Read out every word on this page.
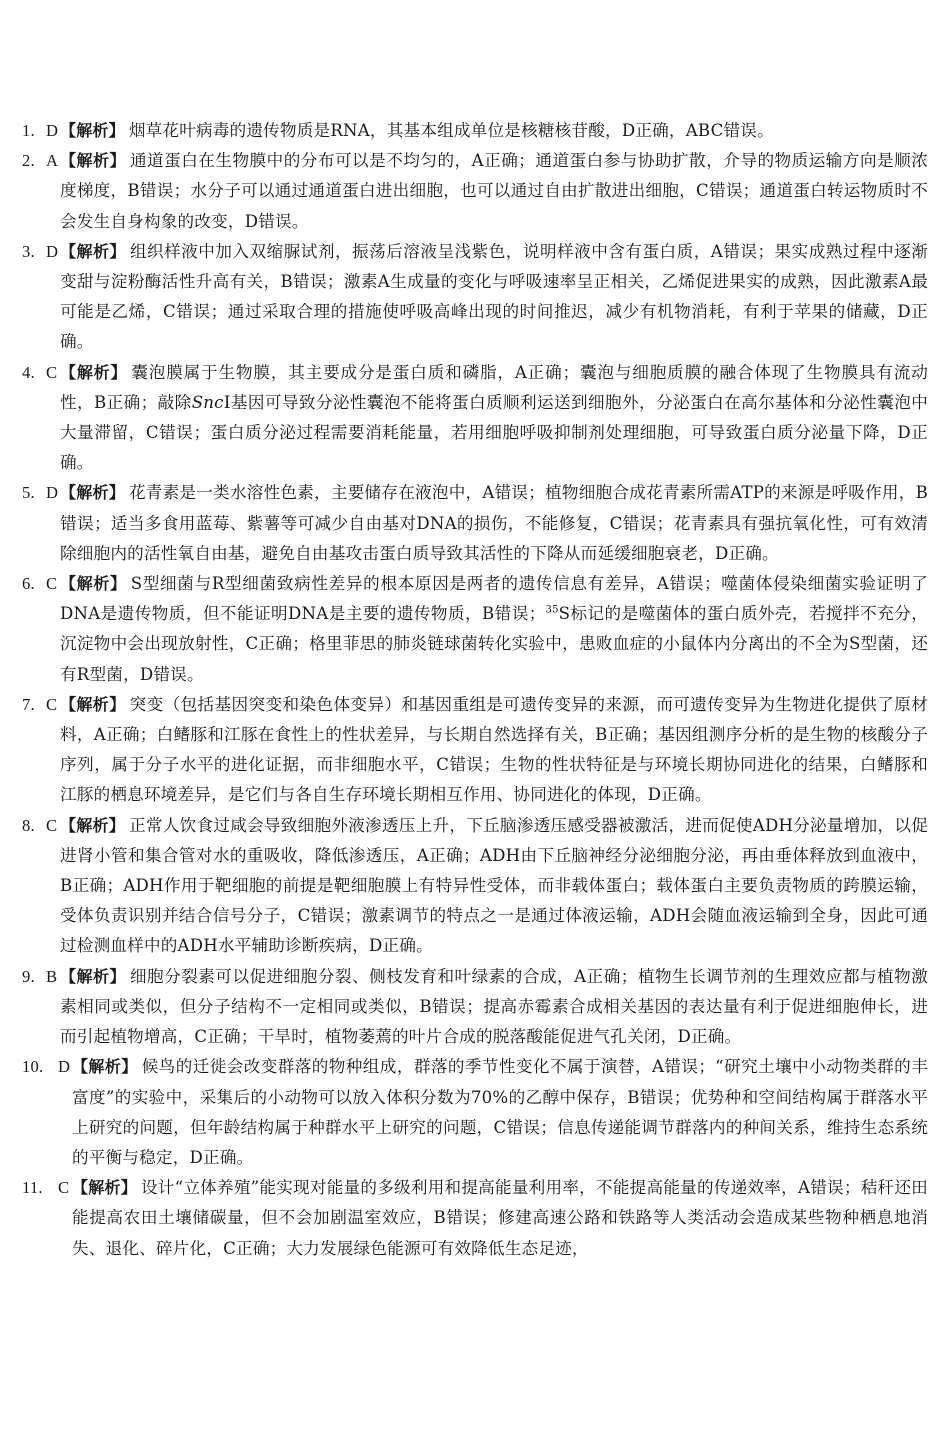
1. D 【解析】 烟草花叶病毒的遗传物质是RNA，其基本组成单位是核糖核苷酸，D正确，ABC错误。

2. A 【解析】 通道蛋白在生物膜中的分布可以是不均匀的，A正确；通道蛋白参与协助扩散，介导的物质运输方向是顺浓度梯度，B错误；水分子可以通过通道蛋白进出细胞，也可以通过自由扩散进出细胞，C错误；通道蛋白转运物质时不会发生自身构象的改变，D错误。

3. D 【解析】 组织样液中加入双缩脲试剂，振荡后溶液呈浅紫色，说明样液中含有蛋白质，A错误；果实成熟过程中逐渐变甜与淀粉酶活性升高有关，B错误；激素A生成量的变化与呼吸速率呈正相关，乙烯促进果实的成熟，因此激素A最可能是乙烯，C错误；通过采取合理的措施使呼吸高峰出现的时间推迟，减少有机物消耗，有利于苹果的储藏，D正确。

4. C 【解析】 囊泡膜属于生物膜，其主要成分是蛋白质和磷脂，A正确；囊泡与细胞质膜的融合体现了生物膜具有流动性，B正确；敲除SncⅠ基因可导致分泌性囊泡不能将蛋白质顺利运送到细胞外，分泌蛋白在高尔基体和分泌性囊泡中大量滞留，C错误；蛋白质分泌过程需要消耗能量，若用细胞呼吸抑制剂处理细胞，可导致蛋白质分泌量下降，D正确。

5. D 【解析】 花青素是一类水溶性色素，主要储存在液泡中，A错误；植物细胞合成花青素所需ATP的来源是呼吸作用，B错误；适当多食用蓝莓、紫薯等可减少自由基对DNA的损伤，不能修复，C错误；花青素具有强抗氧化性，可有效清除细胞内的活性氧自由基，避免自由基攻击蛋白质导致其活性的下降从而延缓细胞衰老，D正确。

6. C 【解析】 S型细菌与R型细菌致病性差异的根本原因是两者的遗传信息有差异，A错误；噬菌体侵染细菌实验证明了DNA是遗传物质，但不能证明DNA是主要的遗传物质，B错误；$^{35}$S标记的是噬菌体的蛋白质外壳，若搅拌不充分，沉淀物中会出现放射性，C正确；格里菲思的肺炎链球菌转化实验中，患败血症的小鼠体内分离出的不全为S型菌，还有R型菌，D错误。

7. C 【解析】 突变（包括基因突变和染色体变异）和基因重组是可遗传变异的来源，而可遗传变异为生物进化提供了原材料，A正确；白鳍豚和江豚在食性上的性状差异，与长期自然选择有关，B正确；基因组测序分析的是生物的核酸分子序列，属于分子水平的进化证据，而非细胞水平，C错误；生物的性状特征是与环境长期协同进化的结果，白鳍豚和江豚的栖息环境差异，是它们与各自生存环境长期相互作用、协同进化的体现，D正确。

8. C 【解析】 正常人饮食过咸会导致细胞外液渗透压上升，下丘脑渗透压感受器被激活，进而促使ADH分泌量增加，以促进肾小管和集合管对水的重吸收，降低渗透压，A正确；ADH由下丘脑神经分泌细胞分泌，再由垂体释放到血液中，B正确；ADH作用于靶细胞的前提是靶细胞膜上有特异性受体，而非载体蛋白；载体蛋白主要负责物质的跨膜运输，受体负责识别并结合信号分子，C错误；激素调节的特点之一是通过体液运输，ADH会随血液运输到全身，因此可通过检测血样中的ADH水平辅助诊断疾病，D正确。

9. B 【解析】 细胞分裂素可以促进细胞分裂、侧枝发育和叶绿素的合成，A正确；植物生长调节剂的生理效应都与植物激素相同或类似，但分子结构不一定相同或类似，B错误；提高赤霉素合成相关基因的表达量有利于促进细胞伸长，进而引起植物增高，C正确；干旱时，植物萎蔫的叶片合成的脱落酸能促进气孔关闭，D正确。

10. D 【解析】 候鸟的迁徙会改变群落的物种组成，群落的季节性变化不属于演替，A错误；“研究土壤中小动物类群的丰富度”的实验中，采集后的小动物可以放入体积分数为70%的乙醇中保存，B错误；优势种和空间结构属于群落水平上研究的问题，但年龄结构属于种群水平上研究的问题，C错误；信息传递能调节群落内的种间关系，维持生态系统的平衡与稳定，D正确。

11. C 【解析】 设计“立体养殖”能实现对能量的多级利用和提高能量利用率，不能提高能量的传递效率，A错误；秸秆还田能提高农田土壤储碳量，但不会加剧温室效应，B错误；修建高速公路和铁路等人类活动会造成某些物种栖息地消失、退化、碎片化，C正确；大力发展绿色能源可有效降低生态足迹，
